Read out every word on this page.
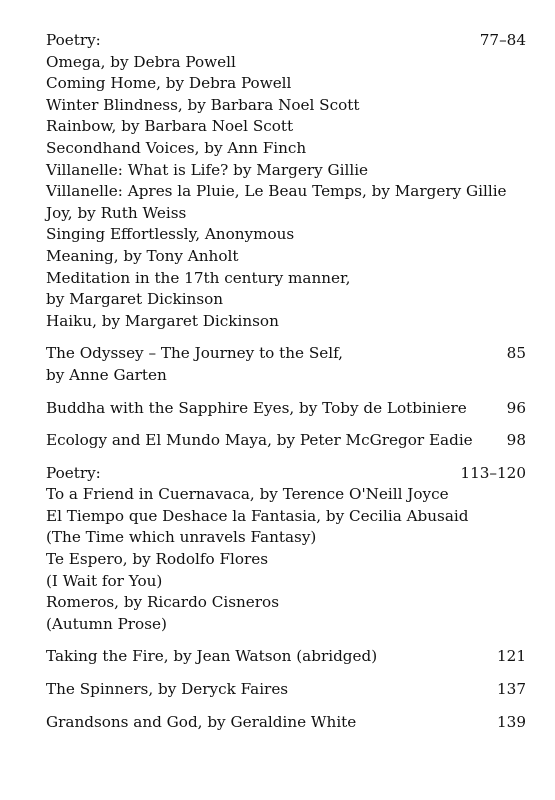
Poetry:	77–84
Omega, by Debra Powell
Coming Home, by Debra Powell
Winter Blindness, by Barbara Noel Scott
Rainbow, by Barbara Noel Scott
Secondhand Voices, by Ann Finch
Villanelle: What is Life? by Margery Gillie
Villanelle: Apres la Pluie, Le Beau Temps, by Margery Gillie
Joy, by Ruth Weiss
Singing Effortlessly, Anonymous
Meaning, by Tony Anholt
Meditation in the 17th century manner,
by Margaret Dickinson
Haiku, by Margaret Dickinson
The Odyssey – The Journey to the Self,	85
by Anne Garten
Buddha with the Sapphire Eyes, by Toby de Lotbiniere	96
Ecology and El Mundo Maya, by Peter McGregor Eadie 98
Poetry:	113–120
To a Friend in Cuernavaca, by Terence O'Neill Joyce
El Tiempo que Deshace la Fantasia, by Cecilia Abusaid
(The Time which unravels Fantasy)
Te Espero, by Rodolfo Flores
(I Wait for You)
Romeros, by Ricardo Cisneros
(Autumn Prose)
Taking the Fire, by Jean Watson (abridged)	121
The Spinners, by Deryck Faires	137
Grandsons and God, by Geraldine White	139
